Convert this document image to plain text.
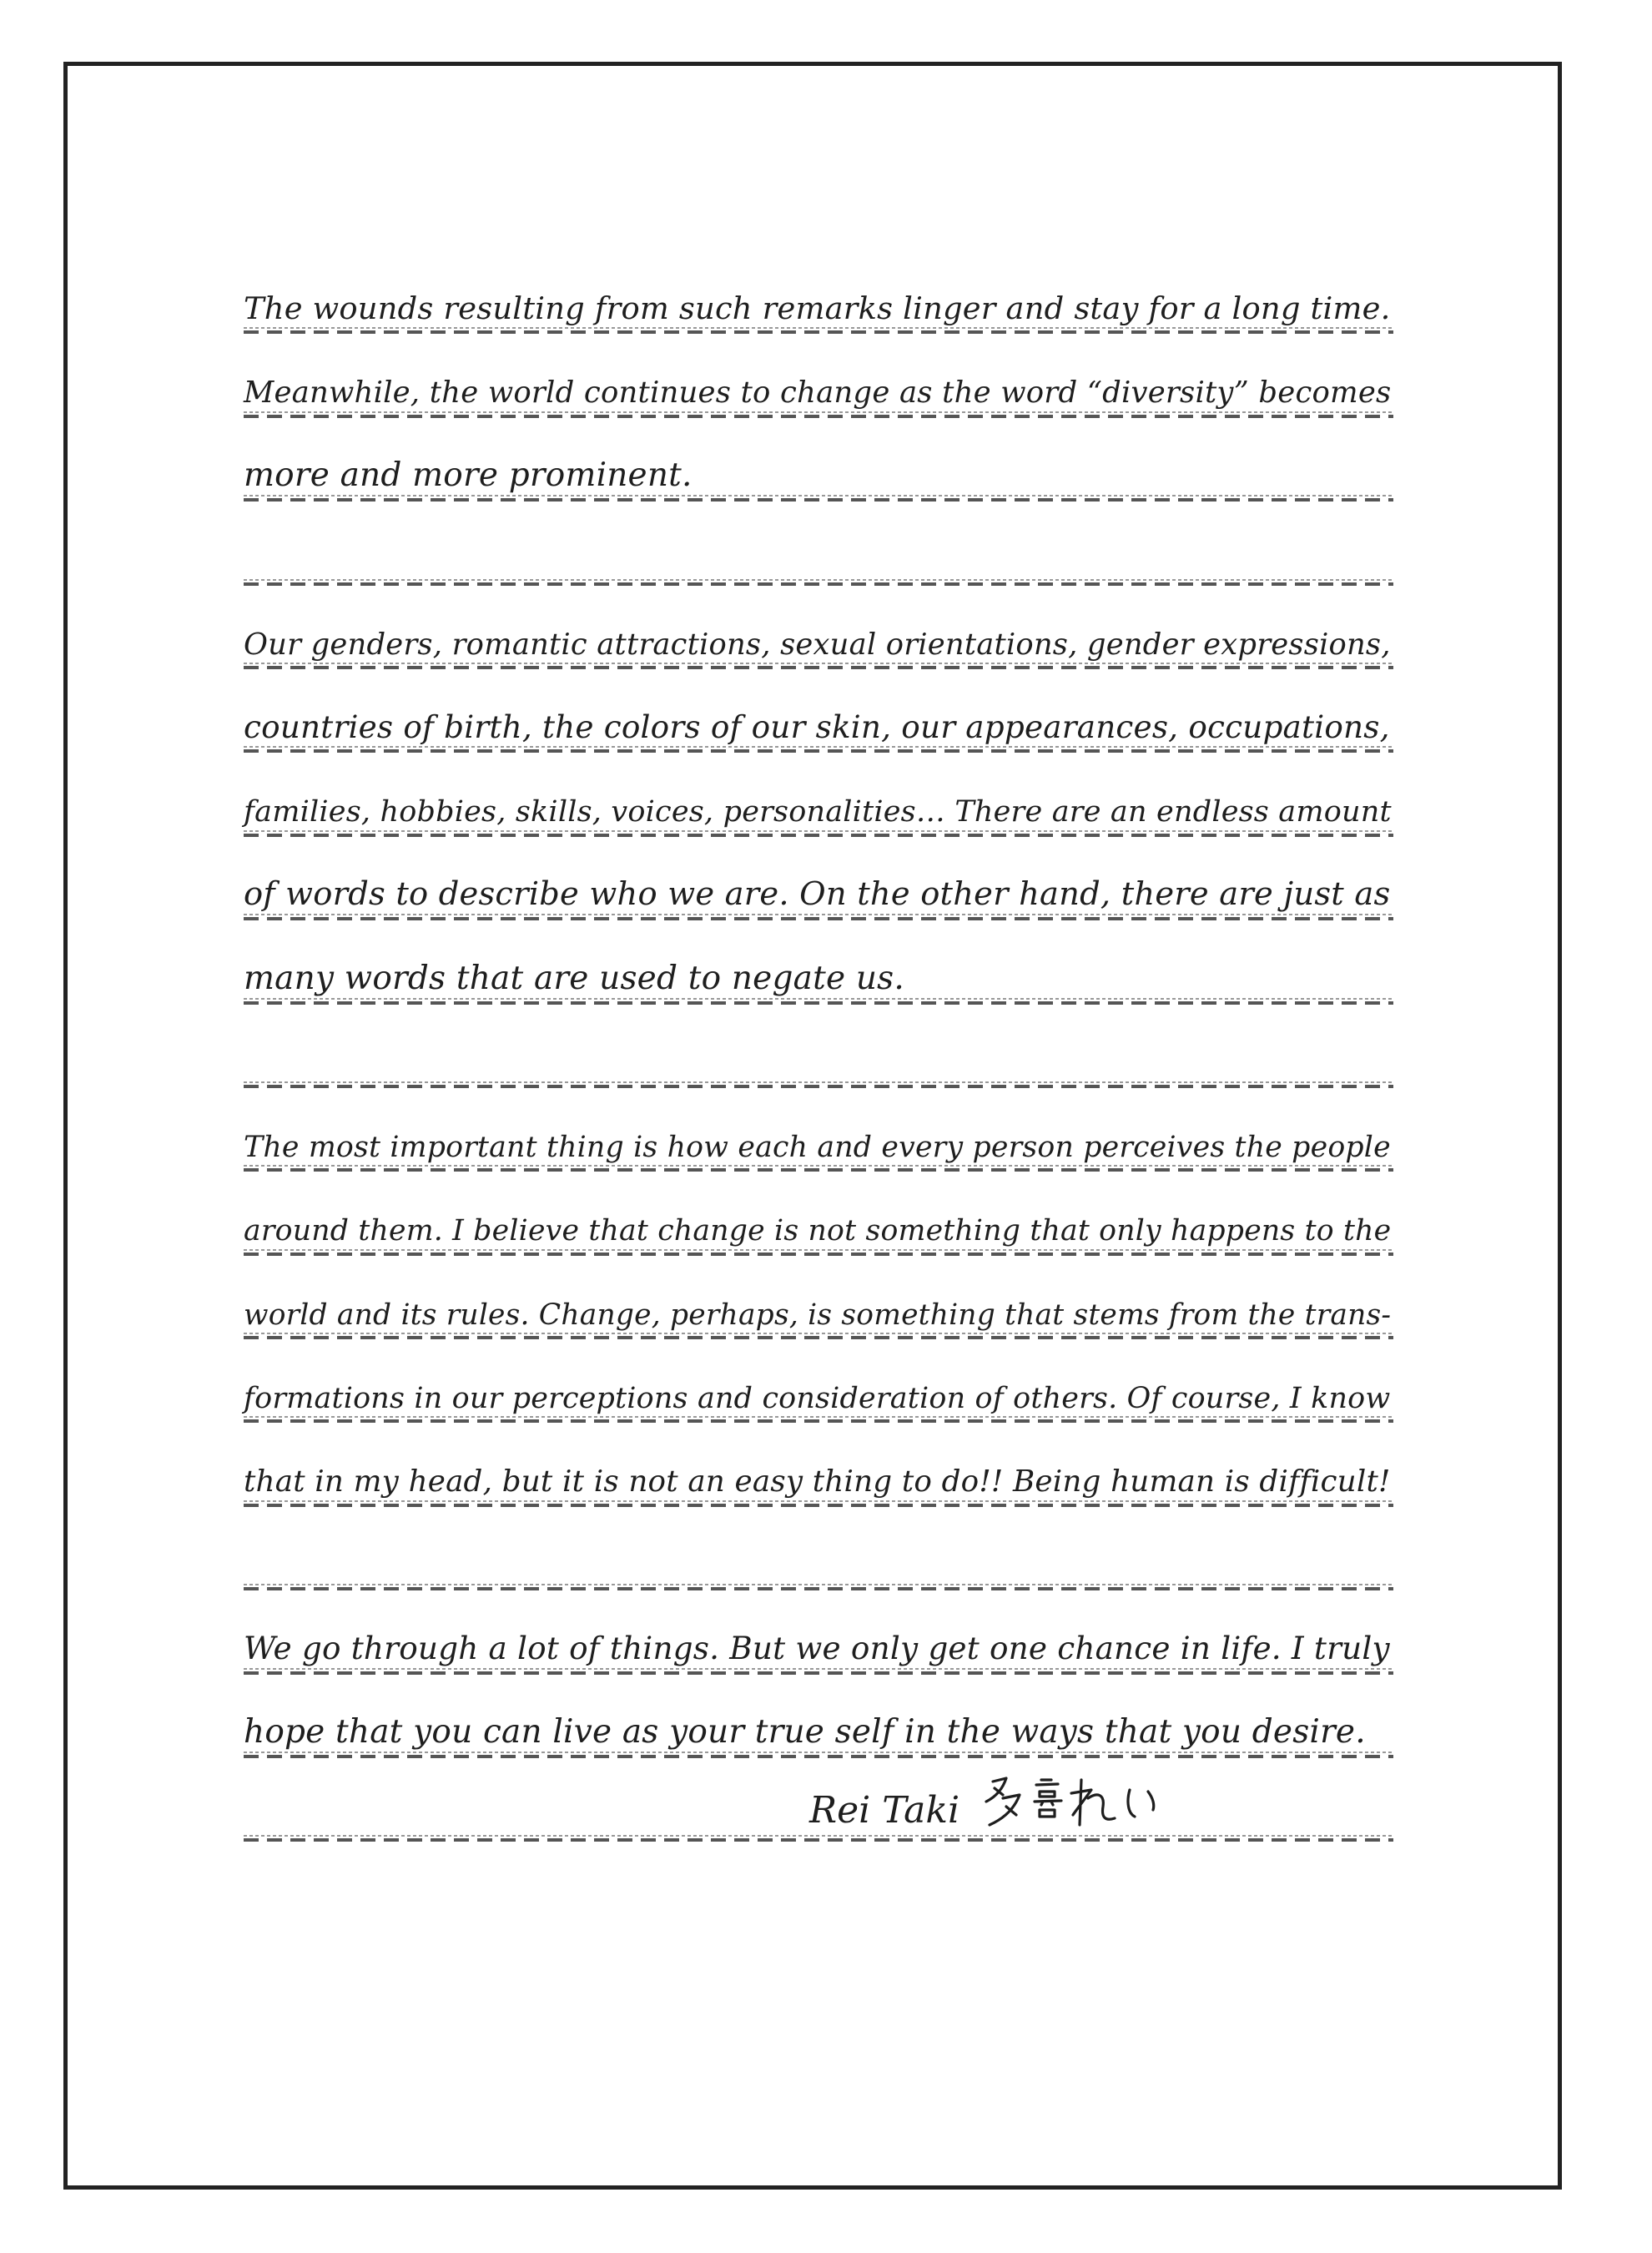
The wounds resulting from such remarks linger and stay for a long time.
Meanwhile, the world continues to change as the word “diversity” becomes
more and more prominent.
Our genders, romantic attractions, sexual orientations, gender expressions,
countries of birth, the colors of our skin, our appearances, occupations,
families, hobbies, skills, voices, personalities… There are an endless amount
of words to describe who we are. On the other hand, there are just as
many words that are used to negate us.
The most important thing is how each and every person perceives the people
around them. I believe that change is not something that only happens to the
world and its rules. Change, perhaps, is something that stems from the trans-
formations in our perceptions and consideration of others. Of course, I know
that in my head, but it is not an easy thing to do!! Being human is difficult!
We go through a lot of things. But we only get one chance in life. I truly
hope that you can live as your true self in the ways that you desire.
Rei Taki
